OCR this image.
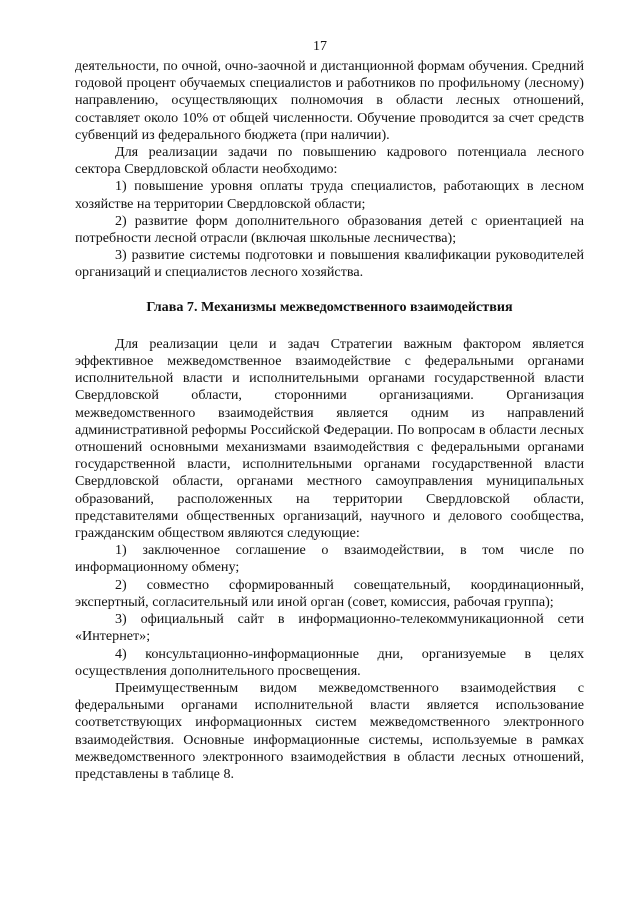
17

деятельности, по очной, очно-заочной и дистанционной формам обучения. Средний годовой процент обучаемых специалистов и работников по профильному (лесному) направлению, осуществляющих полномочия в области лесных отношений, составляет около 10% от общей численности. Обучение проводится за счет средств субвенций из федерального бюджета (при наличии).

Для реализации задачи по повышению кадрового потенциала лесного сектора Свердловской области необходимо:

1) повышение уровня оплаты труда специалистов, работающих в лесном хозяйстве на территории Свердловской области;

2) развитие форм дополнительного образования детей с ориентацией на потребности лесной отрасли (включая школьные лесничества);

3) развитие системы подготовки и повышения квалификации руководителей организаций и специалистов лесного хозяйства.

Глава 7. Механизмы межведомственного взаимодействия

Для реализации цели и задач Стратегии важным фактором является эффективное межведомственное взаимодействие с федеральными органами исполнительной власти и исполнительными органами государственной власти Свердловской области, сторонними организациями. Организация межведомственного взаимодействия является одним из направлений административной реформы Российской Федерации. По вопросам в области лесных отношений основными механизмами взаимодействия с федеральными органами государственной власти, исполнительными органами государственной власти Свердловской области, органами местного самоуправления муниципальных образований, расположенных на территории Свердловской области, представителями общественных организаций, научного и делового сообщества, гражданским обществом являются следующие:

1) заключенное соглашение о взаимодействии, в том числе по информационному обмену;

2) совместно сформированный совещательный, координационный, экспертный, согласительный или иной орган (совет, комиссия, рабочая группа);

3) официальный сайт в информационно-телекоммуникационной сети «Интернет»;

4) консультационно-информационные дни, организуемые в целях осуществления дополнительного просвещения.

Преимущественным видом межведомственного взаимодействия с федеральными органами исполнительной власти является использование соответствующих информационных систем межведомственного электронного взаимодействия. Основные информационные системы, используемые в рамках межведомственного электронного взаимодействия в области лесных отношений, представлены в таблице 8.
